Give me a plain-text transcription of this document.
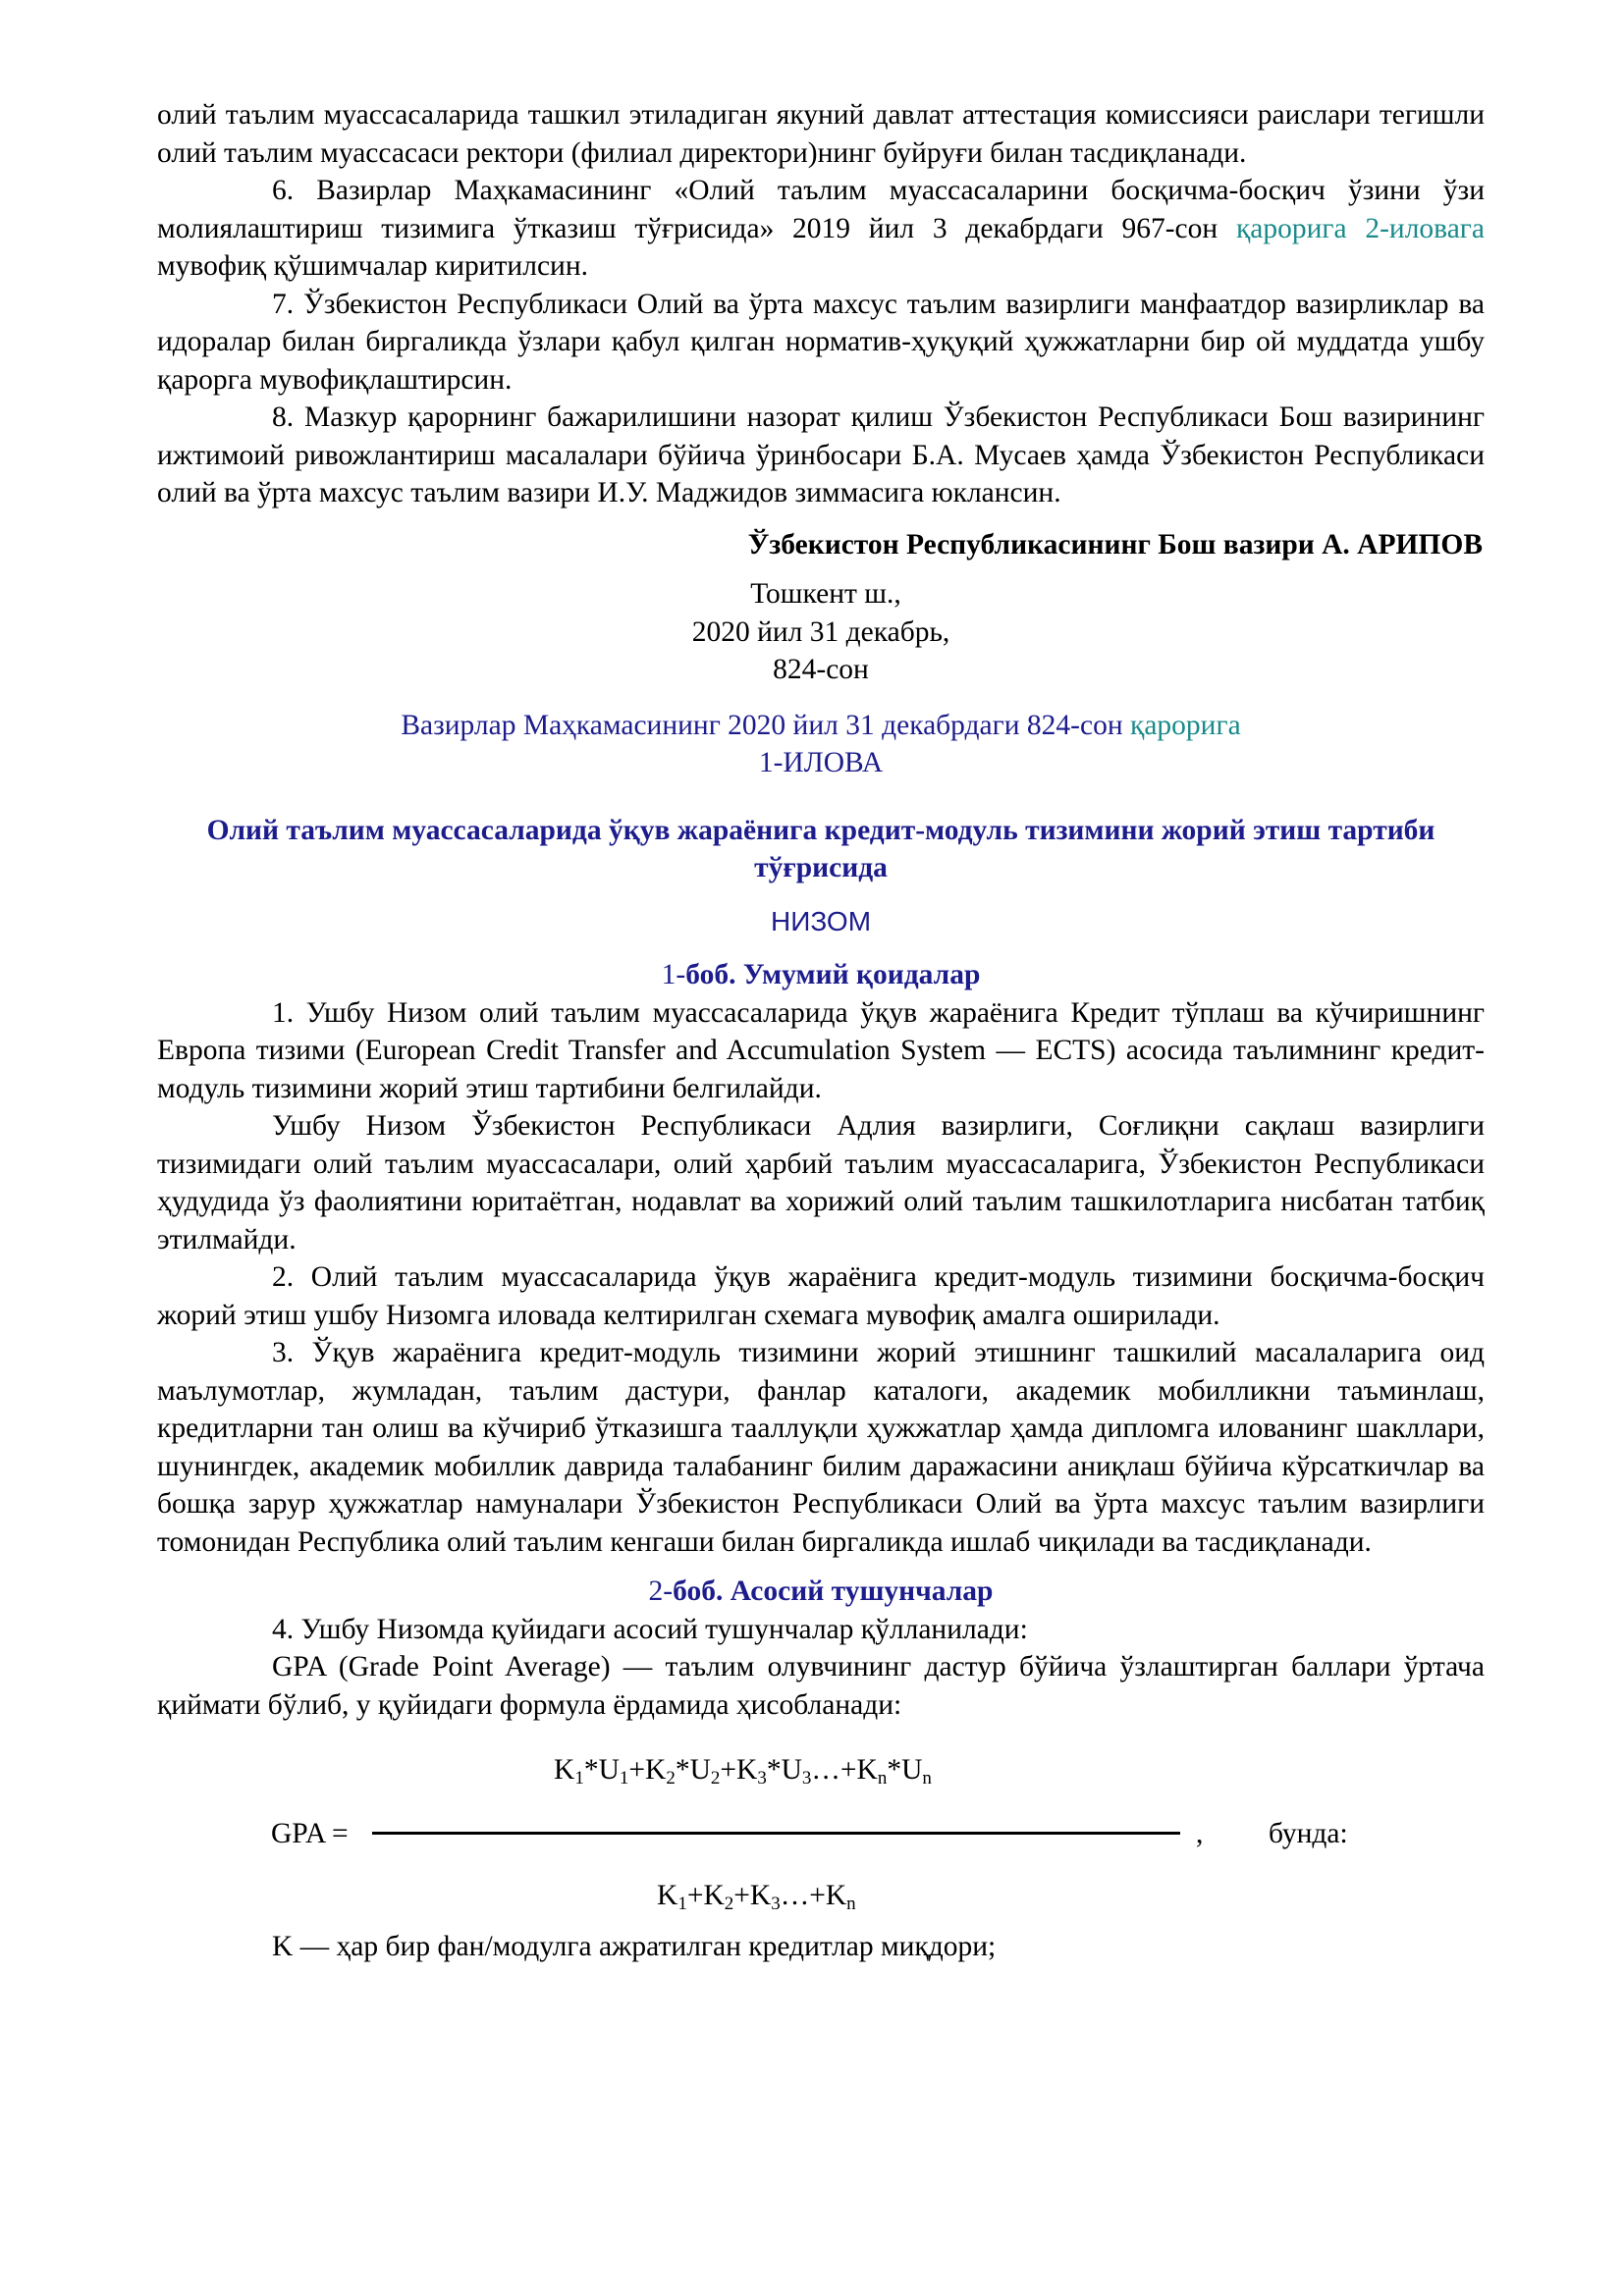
олий таълим муассасаларида ташкил этиладиган якуний давлат аттестация комиссияси раислари тегишли олий таълим муассасаси ректори (филиал директори)нинг буйруғи билан тасдиқланади.

6. Вазирлар Маҳкамасининг «Олий таълим муассасаларини босқичма-босқич ўзини ўзи молиялаштириш тизимига ўтказиш тўғрисида» 2019 йил 3 декабрдаги 967-сон қарорига 2-иловага мувофиқ қўшимчалар киритилсин.

7. Ўзбекистон Республикаси Олий ва ўрта махсус таълим вазирлиги манфаатдор вазирликлар ва идоралар билан биргаликда ўзлари қабул қилган норматив-ҳуқуқий ҳужжатларни бир ой муддатда ушбу қарорга мувофиқлаштирсин.

8. Мазкур қарорнинг бажарилишини назорат қилиш Ўзбекистон Республикаси Бош вазирининг ижтимоий ривожлантириш масалалари бўйича ўринбосари Б.А. Мусаев ҳамда Ўзбекистон Республикаси олий ва ўрта махсус таълим вазири И.У. Маджидов зиммасига юклансин.

Ўзбекистон Республикасининг Бош вазири А. АРИПОВ

Тошкент ш.,

2020 йил 31 декабрь,

824-сон

Вазирлар Маҳкамасининг 2020 йил 31 декабрдаги 824-сон қарорига

1-ИЛОВА

Олий таълим муассасаларида ўқув жараёнига кредит-модуль тизимини жорий этиш тартиби тўғрисида

НИЗОМ

1-боб. Умумий қоидалар

1. Ушбу Низом олий таълим муассасаларида ўқув жараёнига Кредит тўплаш ва кўчиришнинг Европа тизими (European Credit Transfer and Accumulation System — ECTS) асосида таълимнинг кредит-модуль тизимини жорий этиш тартибини белгилайди.

Ушбу Низом Ўзбекистон Республикаси Адлия вазирлиги, Соғлиқни сақлаш вазирлиги тизимидаги олий таълим муассасалари, олий ҳарбий таълим муассасаларига, Ўзбекистон Республикаси ҳудудида ўз фаолиятини юритаётган, нодавлат ва хорижий олий таълим ташкилотларига нисбатан татбиқ этилмайди.

2. Олий таълим муассасаларида ўқув жараёнига кредит-модуль тизимини босқичма-босқич жорий этиш ушбу Низомга иловада келтирилган схемага мувофиқ амалга оширилади.

3. Ўқув жараёнига кредит-модуль тизимини жорий этишнинг ташкилий масалаларига оид маълумотлар, жумладан, таълим дастури, фанлар каталоги, академик мобилликни таъминлаш, кредитларни тан олиш ва кўчириб ўтказишга тааллуқли ҳужжатлар ҳамда дипломга илованинг шакллари, шунингдек, академик мобиллик даврида талабанинг билим даражасини аниқлаш бўйича кўрсаткичлар ва бошқа зарур ҳужжатлар намуналари Ўзбекистон Республикаси Олий ва ўрта махсус таълим вазирлиги томонидан Республика олий таълим кенгаши билан биргаликда ишлаб чиқилади ва тасдиқланади.

2-боб. Асосий тушунчалар

4. Ушбу Низомда қуйидаги асосий тушунчалар қўлланилади:

GPA (Grade Point Average) — таълим олувчининг дастур бўйича ўзлаштирган баллари ўртача қиймати бўлиб, у қуйидаги формула ёрдамида ҳисобланади:

$K_1*U_1+K_2*U_2+K_3*U_3\dots+K_n*U_n$
GPA =	, бунда:
$K_1+K_2+K_3\dots+K_n$

K — ҳар бир фан/модулга ажратилган кредитлар миқдори;
